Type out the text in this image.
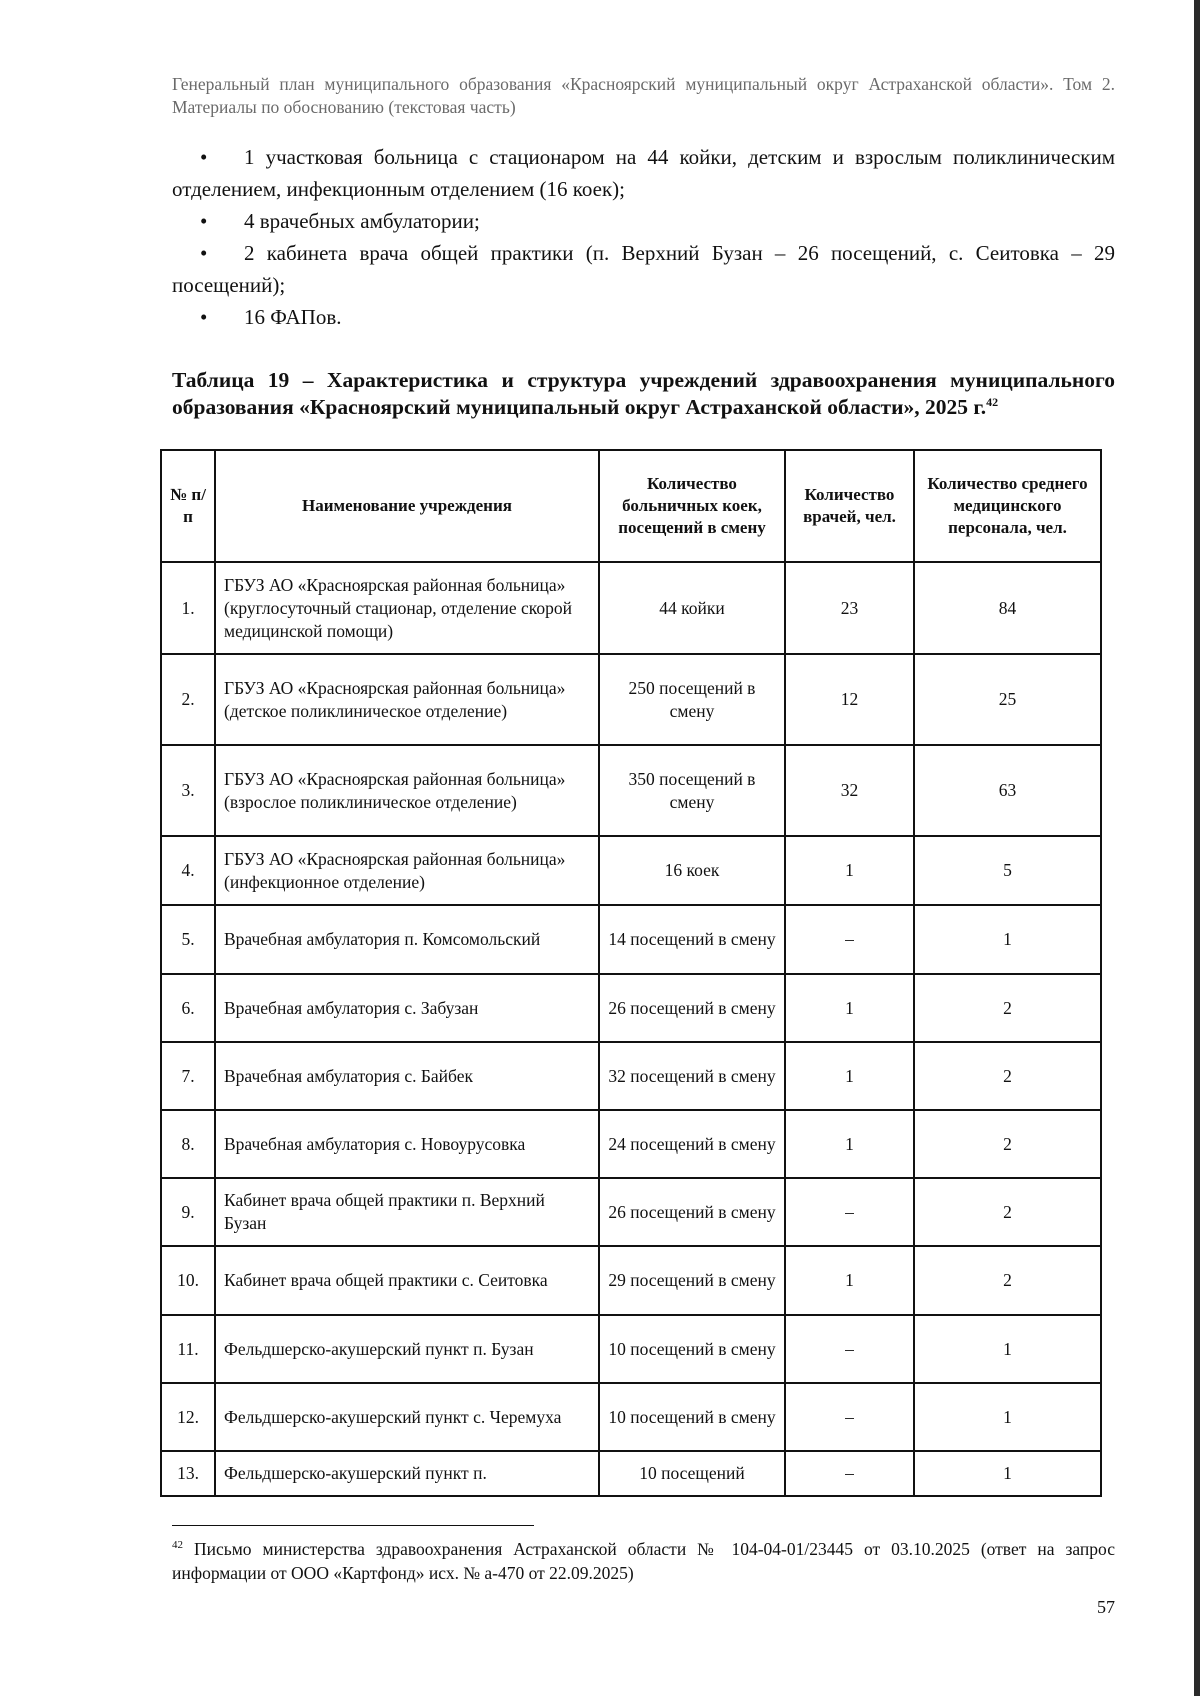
Генеральный план муниципального образования «Красноярский муниципальный округ Астраханской области». Том 2. Материалы по обоснованию (текстовая часть)

• 1 участковая больница с стационаром на 44 койки, детским и взрослым поликлиническим отделением, инфекционным отделением (16 коек);

• 4 врачебных амбулатории;

• 2 кабинета врача общей практики (п. Верхний Бузан – 26 посещений, с. Сеитовка – 29 посещений);

• 16 ФАПов.

Таблица 19 – Характеристика и структура учреждений здравоохранения муниципального образования «Красноярский муниципальный округ Астраханской области», 2025 г.$^{42}$
№ п/п	Наименование учреждения	Количество больничных коек, посещений в смену	Количество врачей, чел.	Количество среднего медицинского персонала, чел.
1.	ГБУЗ АО «Красноярская районная больница» (круглосуточный стационар, отделение скорой медицинской помощи)	44 койки	23	84
2.	ГБУЗ АО «Красноярская районная больница» (детское поликлиническое отделение)	250 посещений в смену	12	25
3.	ГБУЗ АО «Красноярская районная больница» (взрослое поликлиническое отделение)	350 посещений в смену	32	63
4.	ГБУЗ АО «Красноярская районная больница» (инфекционное отделение)	16 коек	1	5
5.	Врачебная амбулатория п. Комсомольский	14 посещений в смену	–	1
6.	Врачебная амбулатория с. Забузан	26 посещений в смену	1	2
7.	Врачебная амбулатория с. Байбек	32 посещений в смену	1	2
8.	Врачебная амбулатория с. Новоурусовка	24 посещений в смену	1	2
9.	Кабинет врача общей практики п. Верхний Бузан	26 посещений в смену	–	2
10.	Кабинет врача общей практики с. Сеитовка	29 посещений в смену	1	2
11.	Фельдшерско-акушерский пункт п. Бузан	10 посещений в смену	–	1
12.	Фельдшерско-акушерский пункт с. Черемуха	10 посещений в смену	–	1
13.	Фельдшерско-акушерский пункт п.	10 посещений	–	1
$^{42}$ Письмо министерства здравоохранения Астраханской области № 104-04-01/23445 от 03.10.2025 (ответ на запрос информации от ООО «Картфонд» исх. № а-470 от 22.09.2025)
57
